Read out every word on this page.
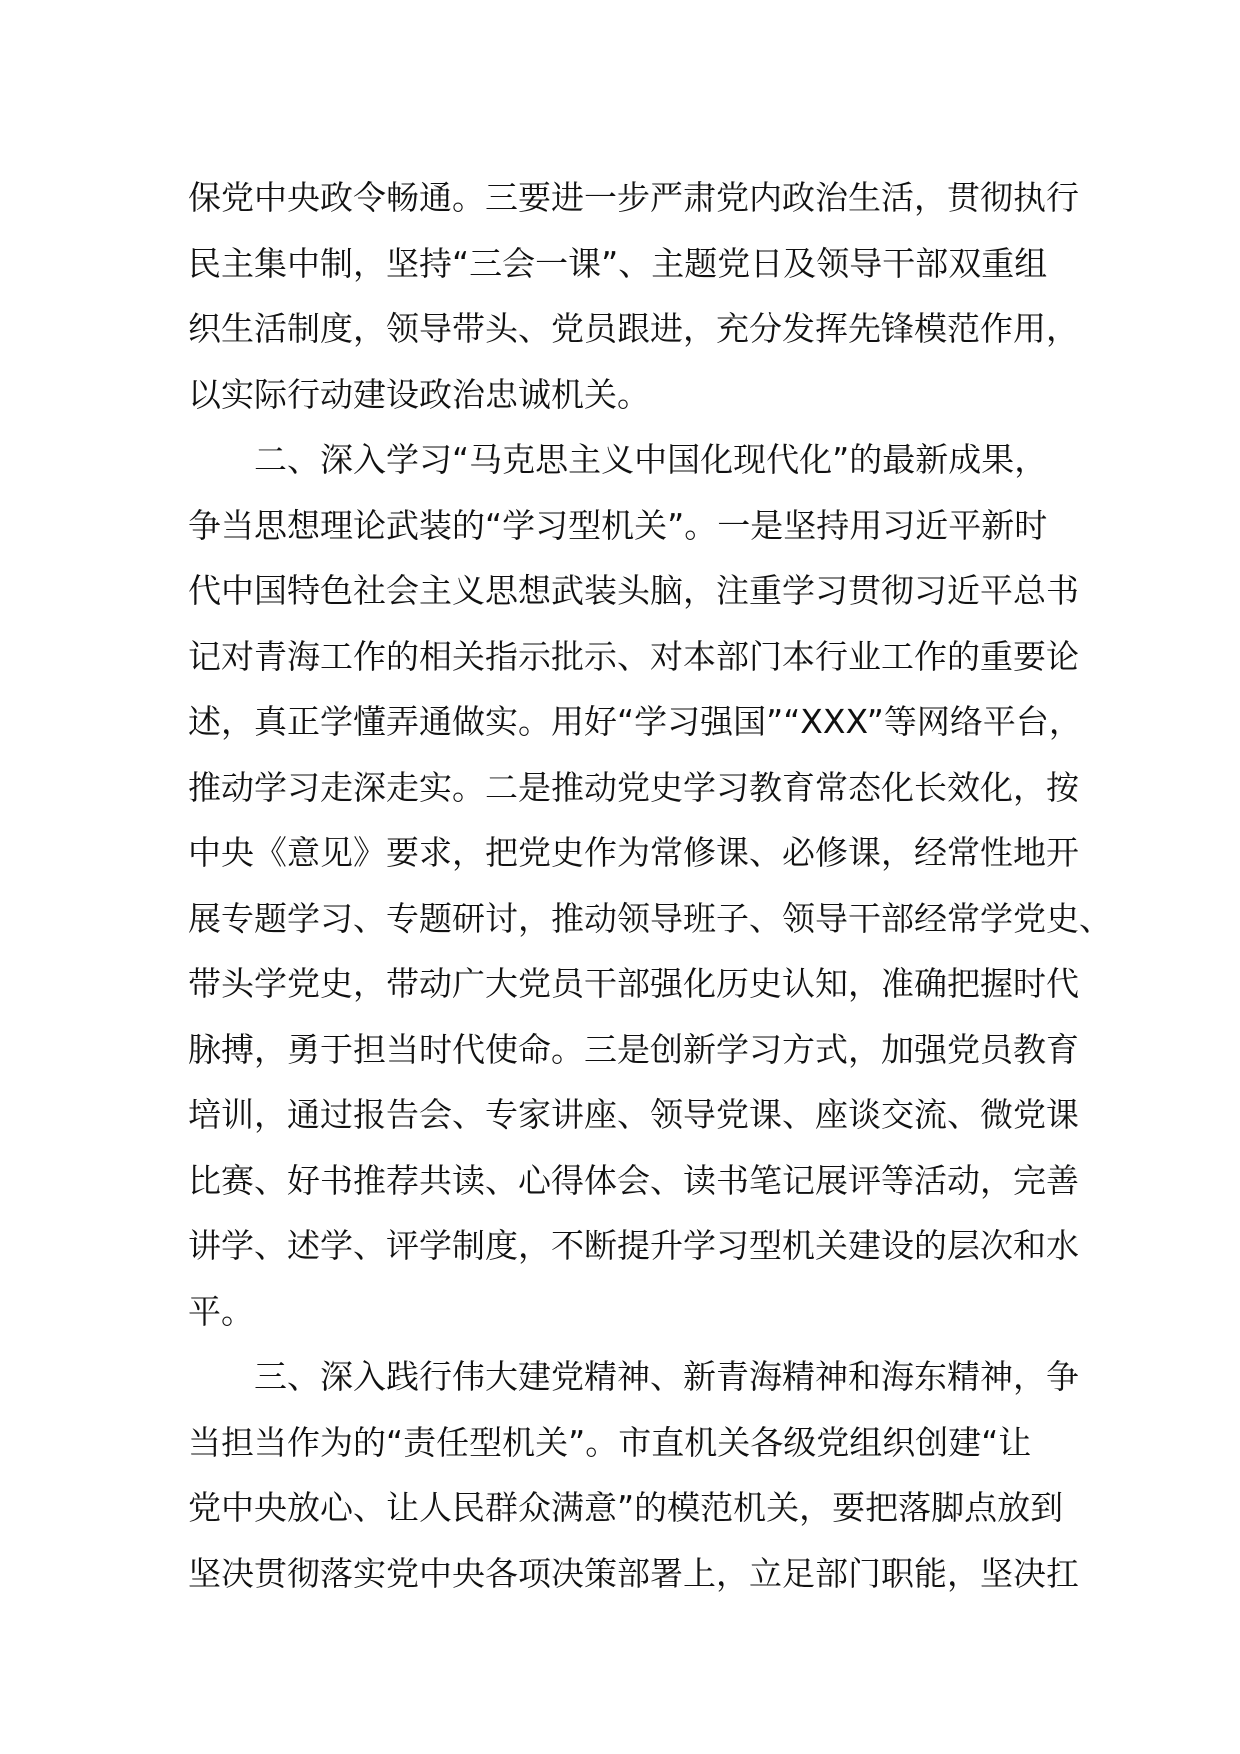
保党中央政令畅通。三要进一步严肃党内政治生活，贯彻执行
民主集中制，坚持“三会一课”、主题党日及领导干部双重组
织生活制度，领导带头、党员跟进，充分发挥先锋模范作用，
以实际行动建设政治忠诚机关。
二、深入学习“马克思主义中国化现代化”的最新成果，
争当思想理论武装的“学习型机关”。一是坚持用习近平新时
代中国特色社会主义思想武装头脑，注重学习贯彻习近平总书
记对青海工作的相关指示批示、对本部门本行业工作的重要论
述，真正学懂弄通做实。用好“学习强国”“XXX”等网络平台，
推动学习走深走实。二是推动党史学习教育常态化长效化，按
中央《意见》要求，把党史作为常修课、必修课，经常性地开
展专题学习、专题研讨，推动领导班子、领导干部经常学党史、
带头学党史，带动广大党员干部强化历史认知，准确把握时代
脉搏，勇于担当时代使命。三是创新学习方式，加强党员教育
培训，通过报告会、专家讲座、领导党课、座谈交流、微党课
比赛、好书推荐共读、心得体会、读书笔记展评等活动，完善
讲学、述学、评学制度，不断提升学习型机关建设的层次和水
平。
三、深入践行伟大建党精神、新青海精神和海东精神，争
当担当作为的“责任型机关”。市直机关各级党组织创建“让
党中央放心、让人民群众满意”的模范机关，要把落脚点放到
坚决贯彻落实党中央各项决策部署上，立足部门职能，坚决扛
